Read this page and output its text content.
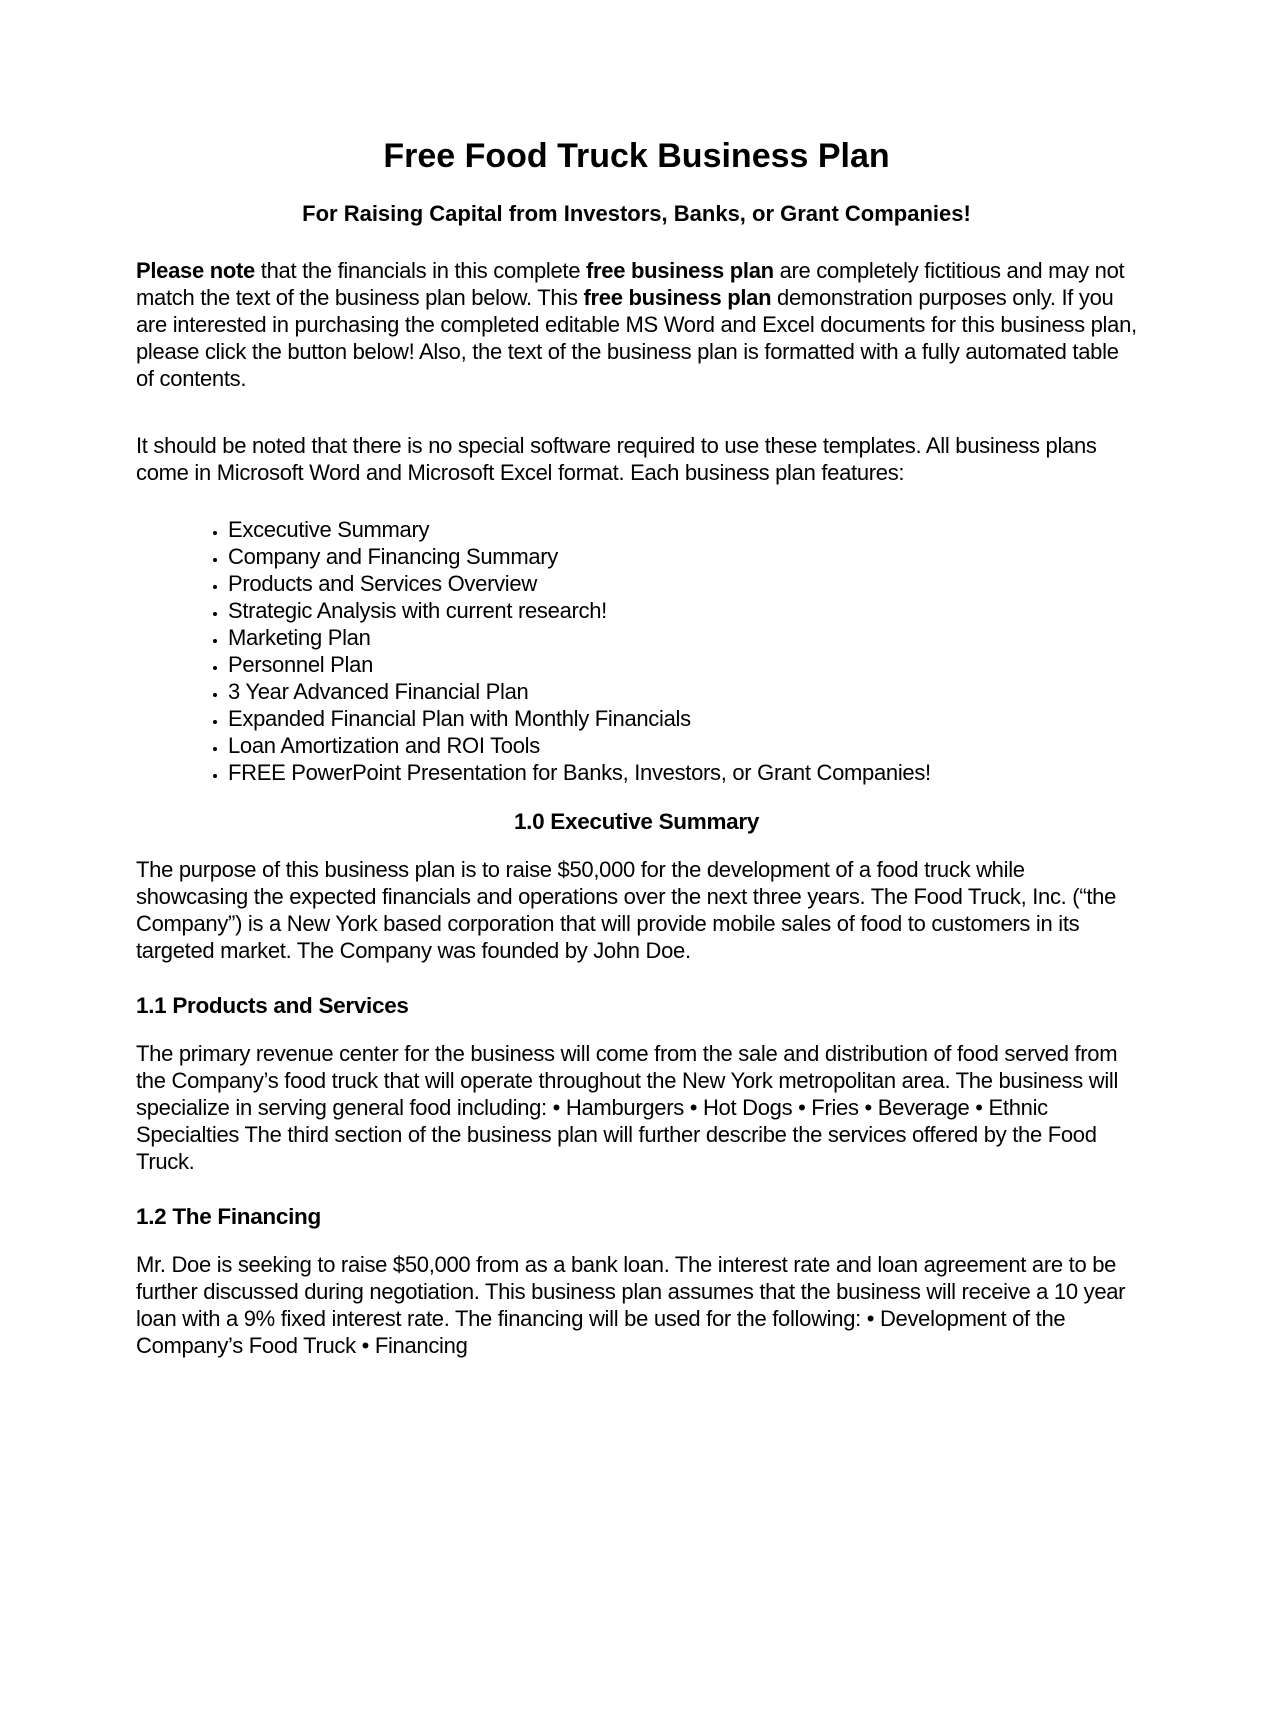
Free Food Truck Business Plan
For Raising Capital from Investors, Banks, or Grant Companies!

Please note that the financials in this complete free business plan are completely fictitious and may not match the text of the business plan below. This free business plan demonstration purposes only. If you are interested in purchasing the completed editable MS Word and Excel documents for this business plan, please click the button below! Also, the text of the business plan is formatted with a fully automated table of contents.

It should be noted that there is no special software required to use these templates. All business plans come in Microsoft Word and Microsoft Excel format. Each business plan features:

• Excecutive Summary
• Company and Financing Summary
• Products and Services Overview
• Strategic Analysis with current research!
• Marketing Plan
• Personnel Plan
• 3 Year Advanced Financial Plan
• Expanded Financial Plan with Monthly Financials
• Loan Amortization and ROI Tools
• FREE PowerPoint Presentation for Banks, Investors, or Grant Companies!
1.0 Executive Summary

The purpose of this business plan is to raise $50,000 for the development of a food truck while showcasing the expected financials and operations over the next three years. The Food Truck, Inc. (“the Company”) is a New York based corporation that will provide mobile sales of food to customers in its targeted market. The Company was founded by John Doe.

1.1 Products and Services

The primary revenue center for the business will come from the sale and distribution of food served from the Company’s food truck that will operate throughout the New York metropolitan area. The business will specialize in serving general food including: • Hamburgers • Hot Dogs • Fries • Beverage • Ethnic Specialties The third section of the business plan will further describe the services offered by the Food Truck.

1.2 The Financing

Mr. Doe is seeking to raise $50,000 from as a bank loan. The interest rate and loan agreement are to be further discussed during negotiation. This business plan assumes that the business will receive a 10 year loan with a 9% fixed interest rate. The financing will be used for the following: • Development of the Company’s Food Truck • Financing
